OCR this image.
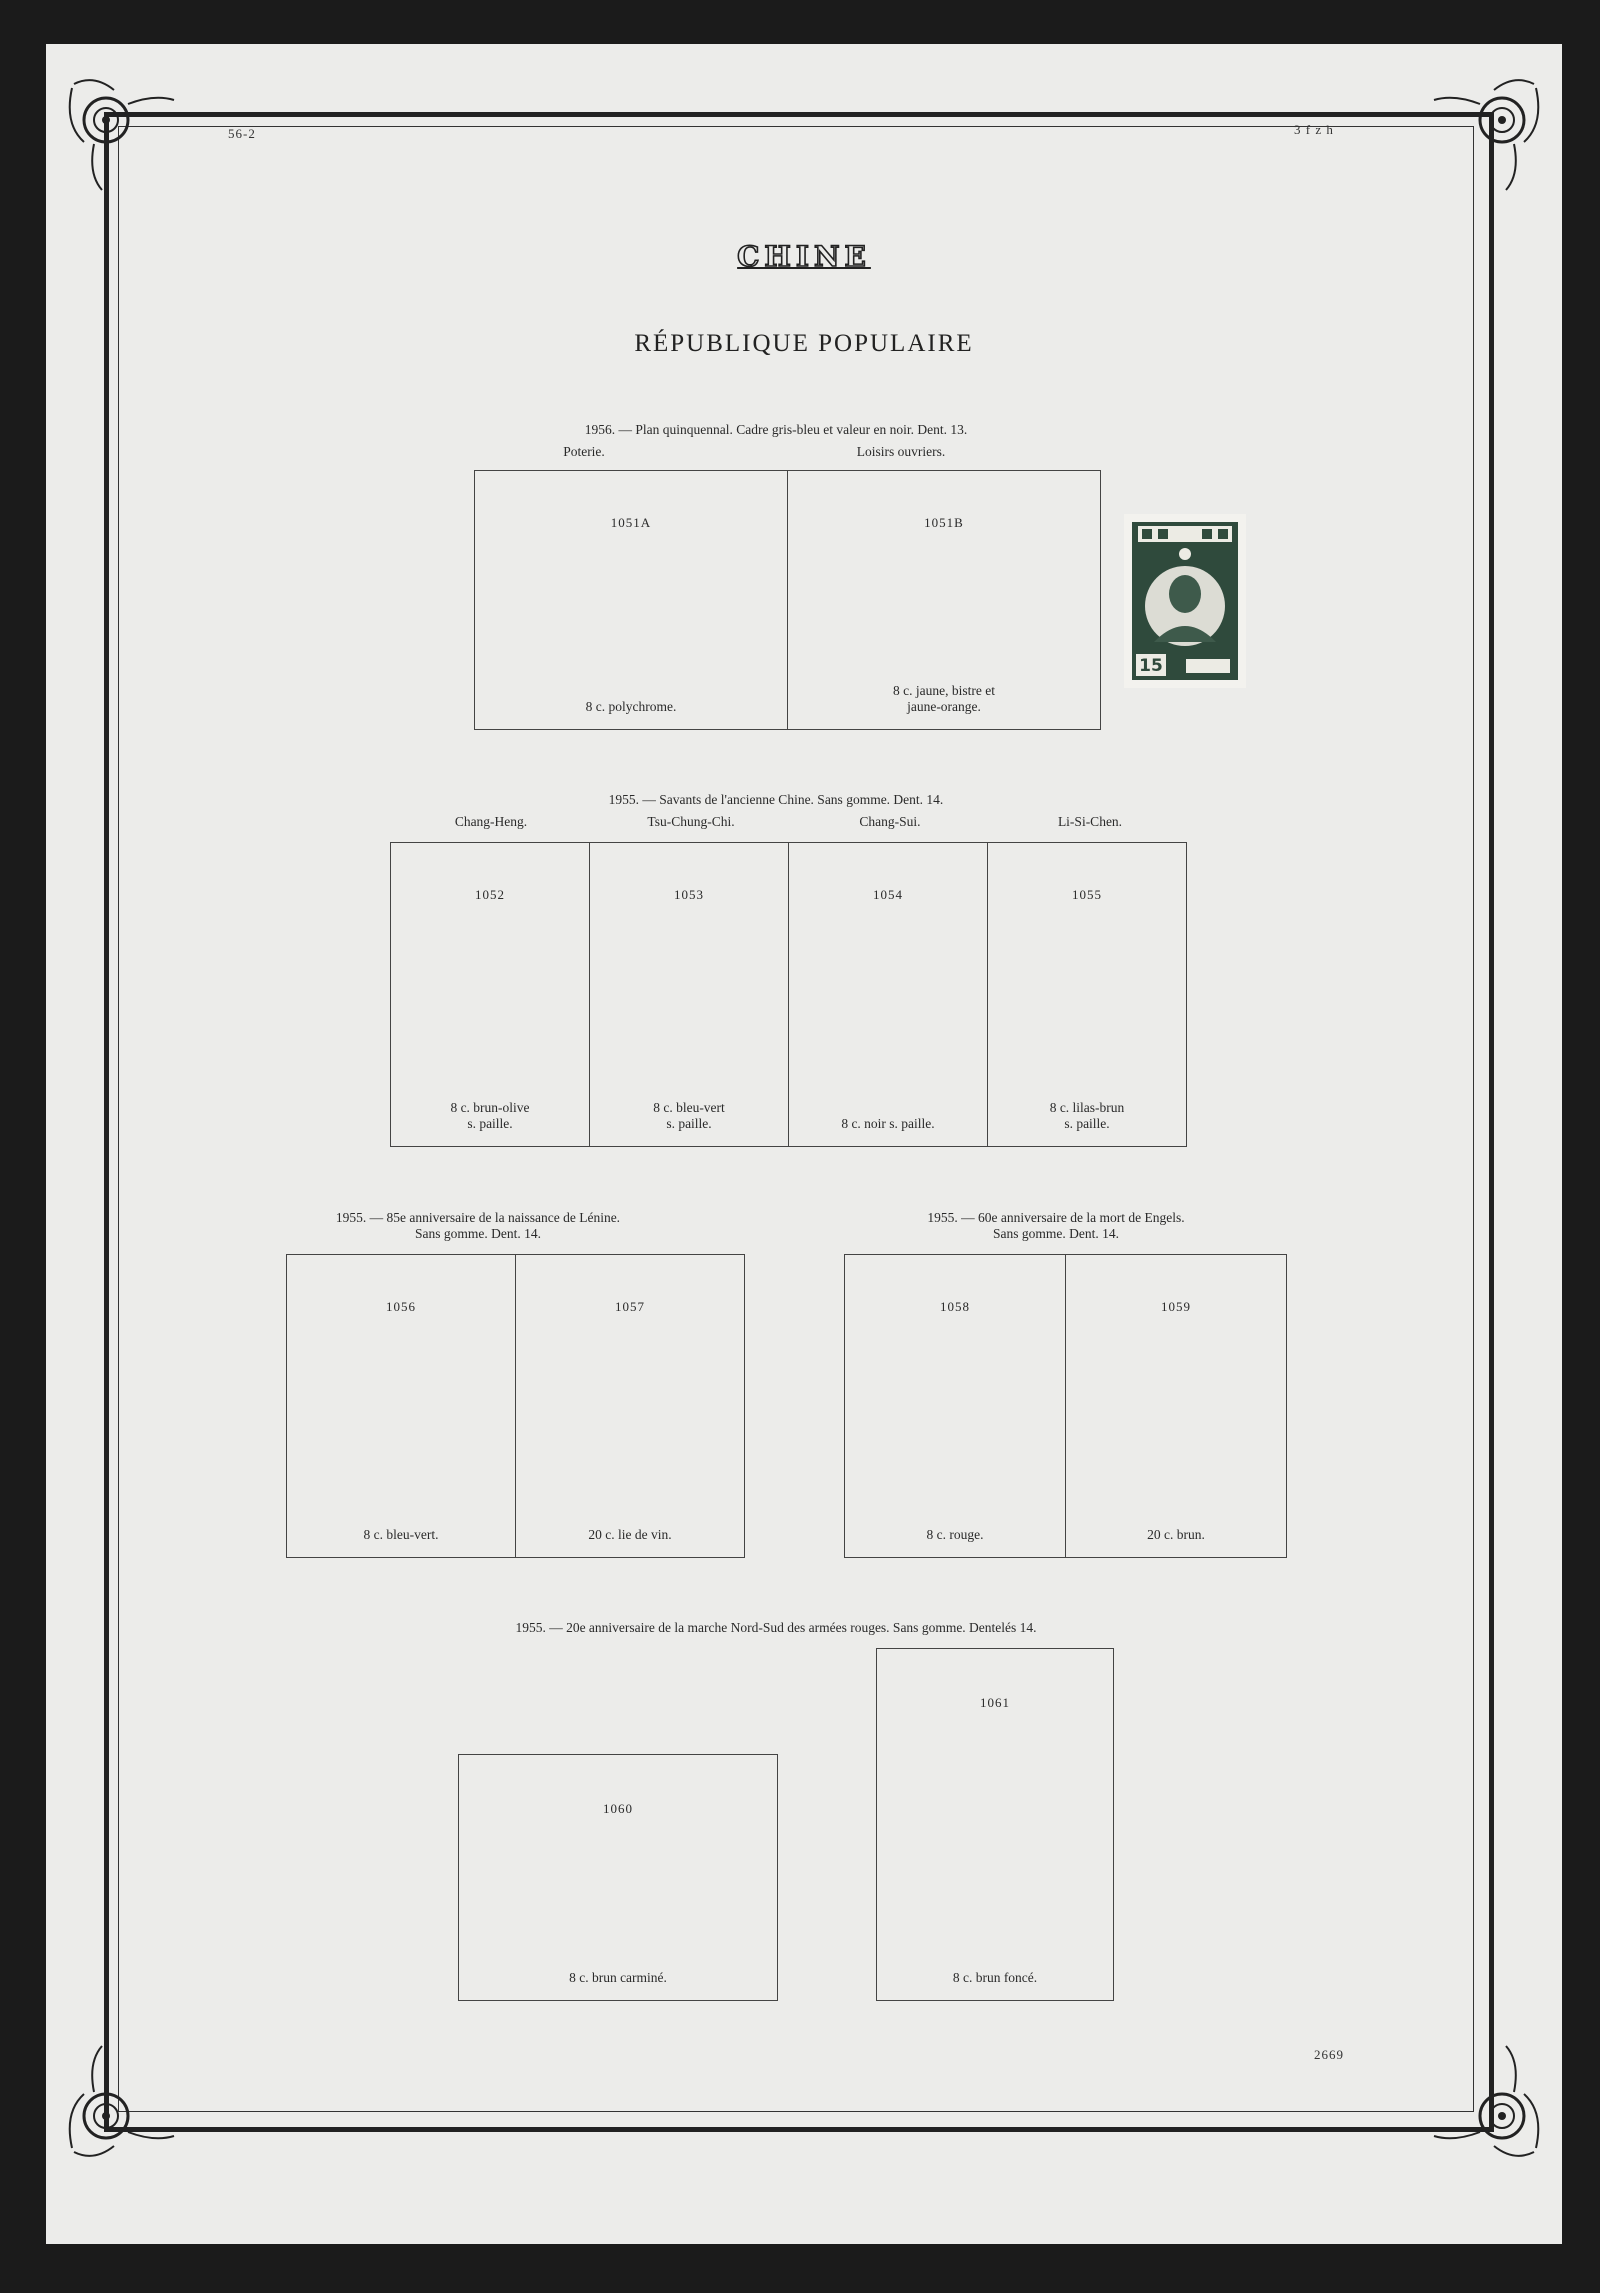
56-2	3 f z h
2669
CHINE
RÉPUBLIQUE POPULAIRE
1956. — Plan quinquennal. Cadre gris-bleu et valeur en noir. Dent. 13.
Poterie.	Loisirs ouvriers.
1051A
8 c. polychrome.
1051B
8 c. jaune, bistre et
jaune-orange.
15
1955. — Savants de l'ancienne Chine. Sans gomme. Dent. 14.
Chang-Heng.	Tsu-Chung-Chi.	Chang-Sui.	Li-Si-Chen.
1052
8 c. brun-olive
s. paille.
1053
8 c. bleu-vert
s. paille.
1054
8 c. noir s. paille.
1055
8 c. lilas-brun
s. paille.
1955. — 85e anniversaire de la naissance de Lénine.
Sans gomme. Dent. 14.
1056
8 c. bleu-vert.
1057
20 c. lie de vin.
1955. — 60e anniversaire de la mort de Engels.
Sans gomme. Dent. 14.
1058
8 c. rouge.
1059
20 c. brun.
1955. — 20e anniversaire de la marche Nord-Sud des armées rouges. Sans gomme. Dentelés 14.
1060
8 c. brun carminé.
1061
8 c. brun foncé.
